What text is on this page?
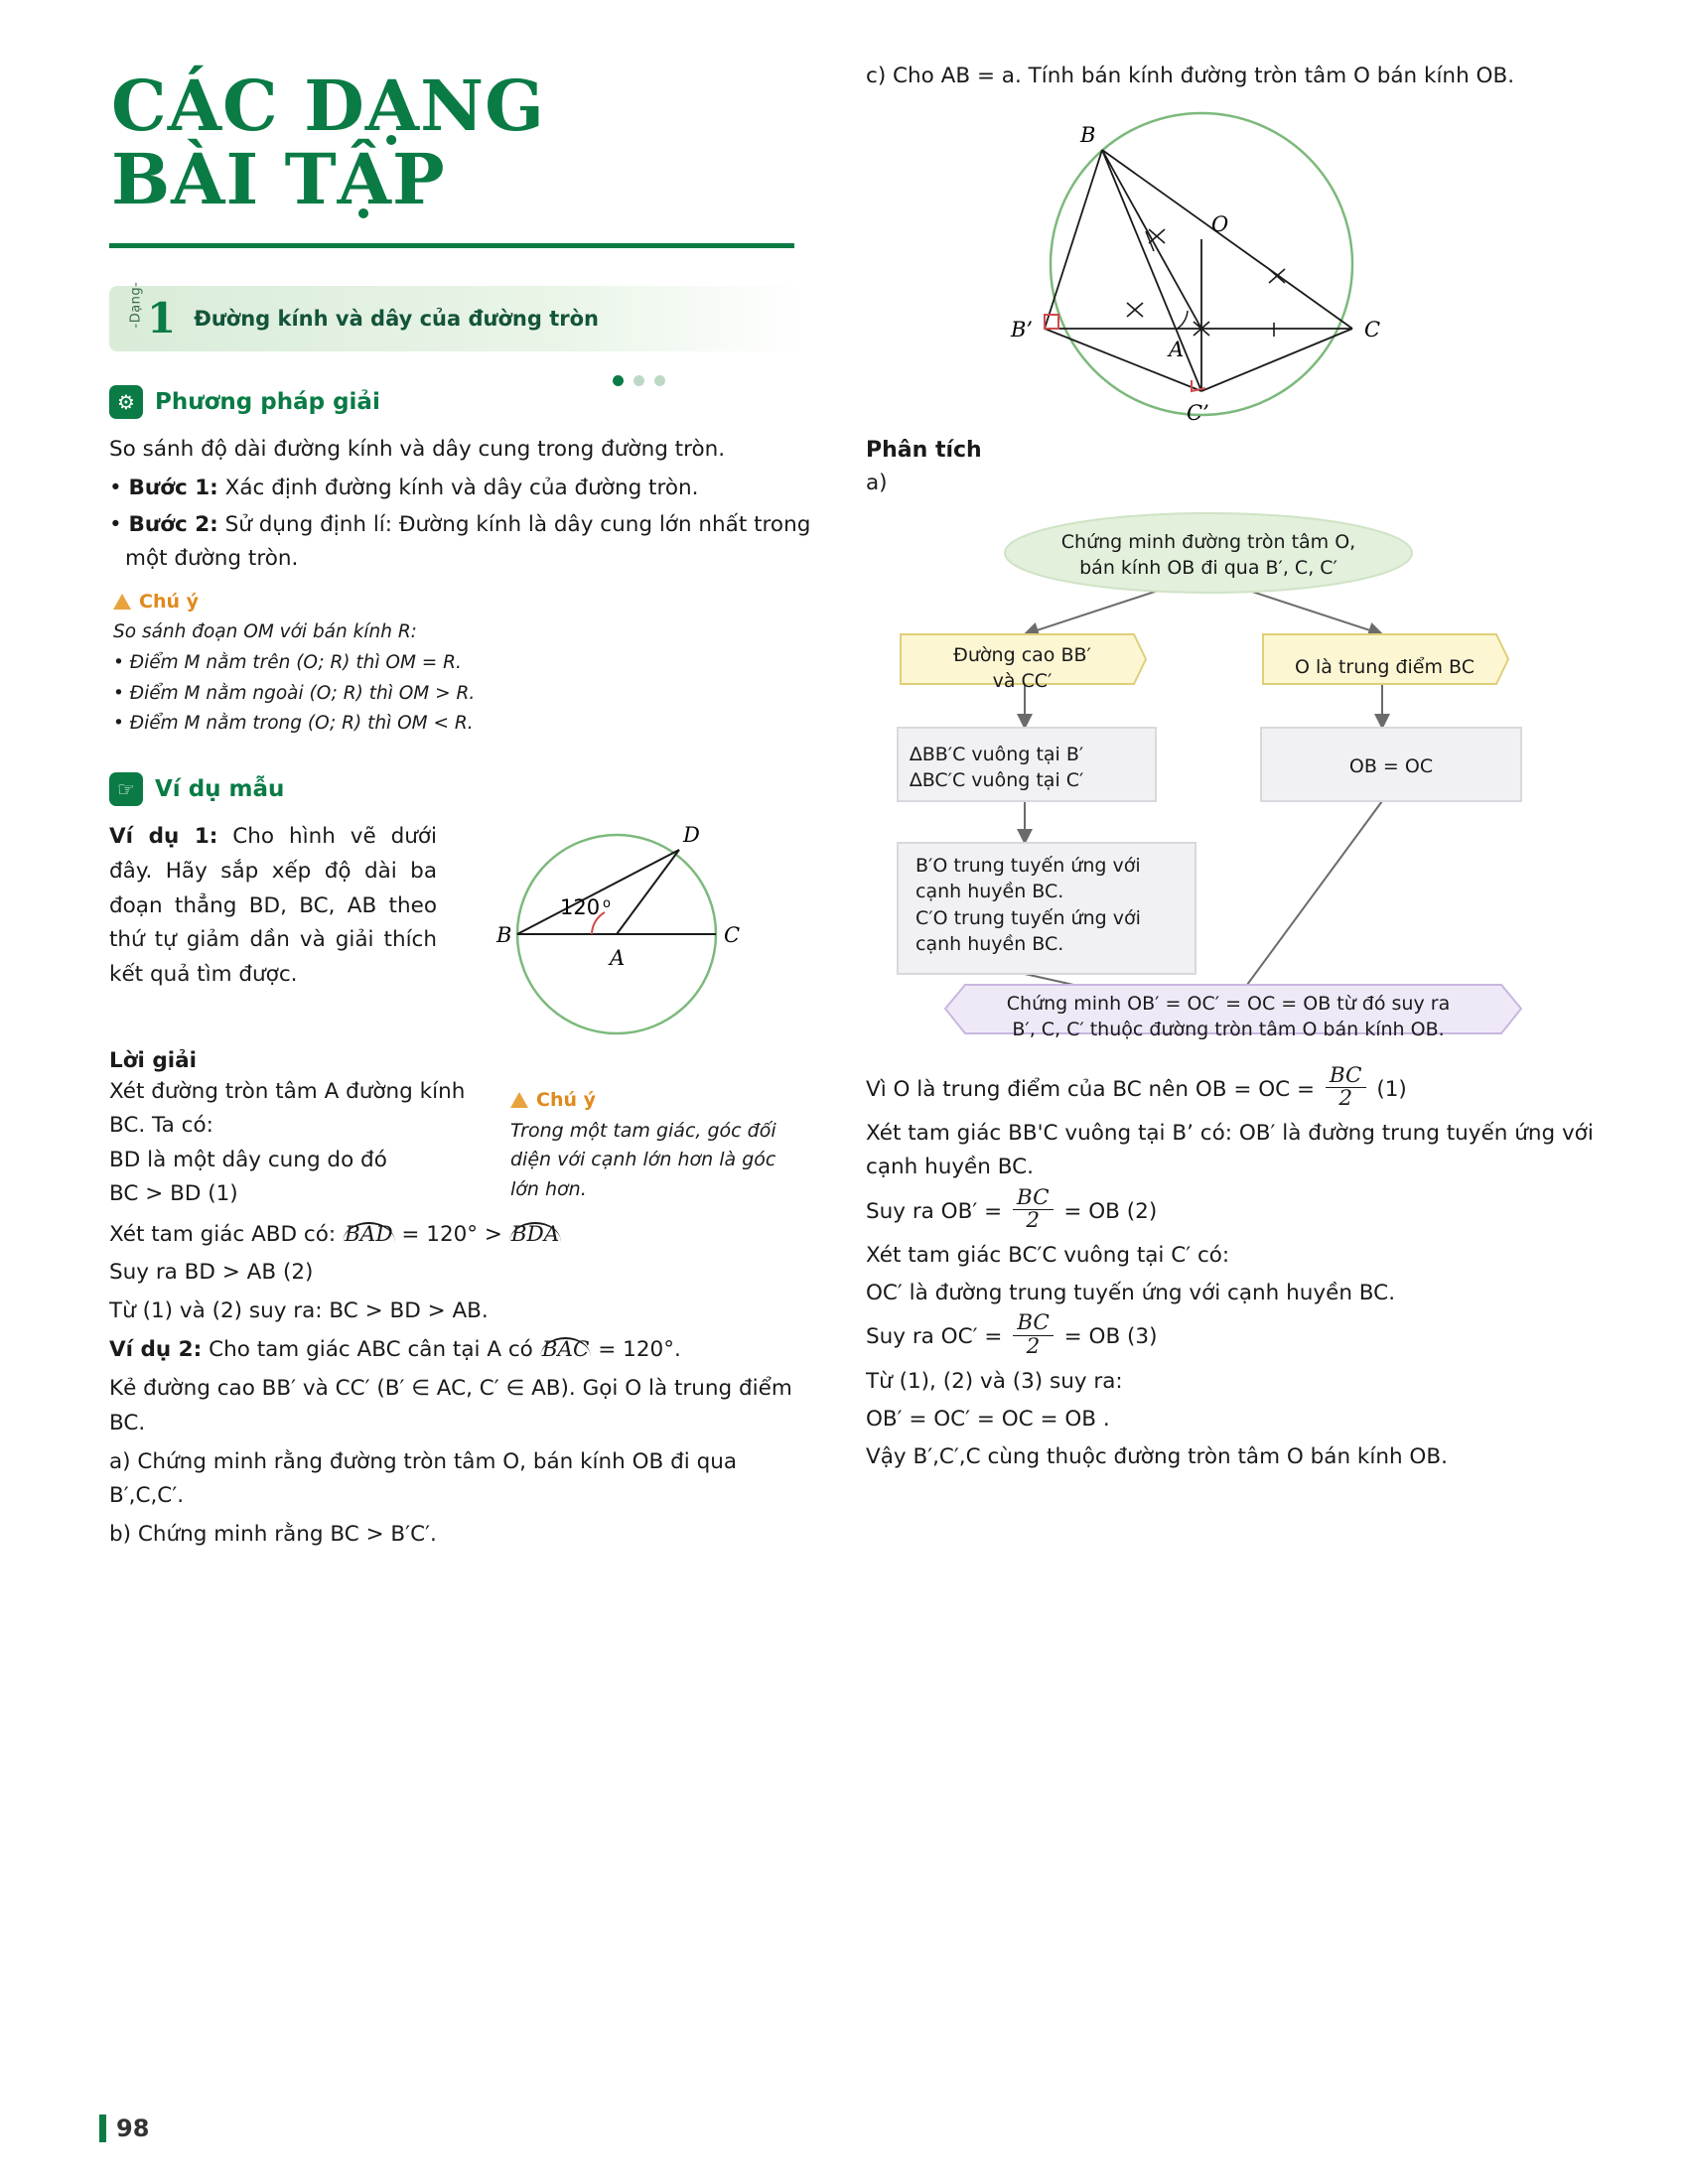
CÁC DẠNG
BÀI TẬP
-Dạng- 1 Đường kính và dây của đường tròn
⚙ Phương pháp giải

So sánh độ dài đường kính và dây cung trong đường tròn.

• Bước 1: Xác định đường kính và dây của đường tròn.

• Bước 2: Sử dụng định lí: Đường kính là dây cung lớn nhất trong một đường tròn.

Chú ý
So sánh đoạn OM với bán kính R:
• Điểm M nằm trên (O; R) thì OM = R.
• Điểm M nằm ngoài (O; R) thì OM > R.
• Điểm M nằm trong (O; R) thì OM < R.
☞ Ví dụ mẫu
Ví dụ 1: Cho hình vẽ dưới đây. Hãy sắp xếp độ dài ba đoạn thẳng BD, BC, AB theo thứ tự giảm dần và giải thích kết quả tìm được.
B	C
D
A
120 o
Lời giải
Xét đường tròn tâm A đường kính BC. Ta có:
BD là một dây cung do đó
BC > BD (1)
Chú ý
Trong một tam giác, góc đối diện với cạnh lớn hơn là góc lớn hơn.
Xét tam giác ABD có: BAD = 120° > BDA
Suy ra BD > AB (2)
Từ (1) và (2) suy ra: BC > BD > AB.
Ví dụ 2: Cho tam giác ABC cân tại A có BAC = 120°.
Kẻ đường cao BB′ và CC′ (B′ ∈ AC, C′ ∈ AB). Gọi O là trung điểm BC.
a) Chứng minh rằng đường tròn tâm O, bán kính OB đi qua B′,C,C′.
b) Chứng minh rằng BC > B′C′.

c) Cho AB = a. Tính bán kính đường tròn tâm O bán kính OB.

B
O
C
A
B’
C’
Phân tích
a)
Chứng minh đường tròn tâm O,
bán kính OB đi qua B′, C, C′
Đường cao BB′
và CC′
O là trung điểm BC
∆BB′C vuông tại B′
∆BC′C vuông tại C′
OB = OC
B′O trung tuyến ứng với
cạnh huyền BC.
C′O trung tuyến ứng với
cạnh huyền BC.
Chứng minh OB′ = OC′ = OC = OB từ đó suy ra
B′, C, C′ thuộc đường tròn tâm O bán kính OB.
Vì O là trung điểm của BC nên OB = OC = $\frac{BC}{2} (1)$
Xét tam giác BB'C vuông tại B’ có: OB′ là đường trung tuyến ứng với cạnh huyền BC.
Suy ra $OB' = \frac{BC}{2}$ = OB (2)
Xét tam giác BC′C vuông tại C′ có:
OC′ là đường trung tuyến ứng với cạnh huyền BC.
Suy ra $OC' = \frac{BC}{2}$ = OB (3)
Từ (1), (2) và (3) suy ra:
OB′ = OC′ = OC = OB .
Vậy B′,C′,C cùng thuộc đường tròn tâm O bán kính OB.
98
